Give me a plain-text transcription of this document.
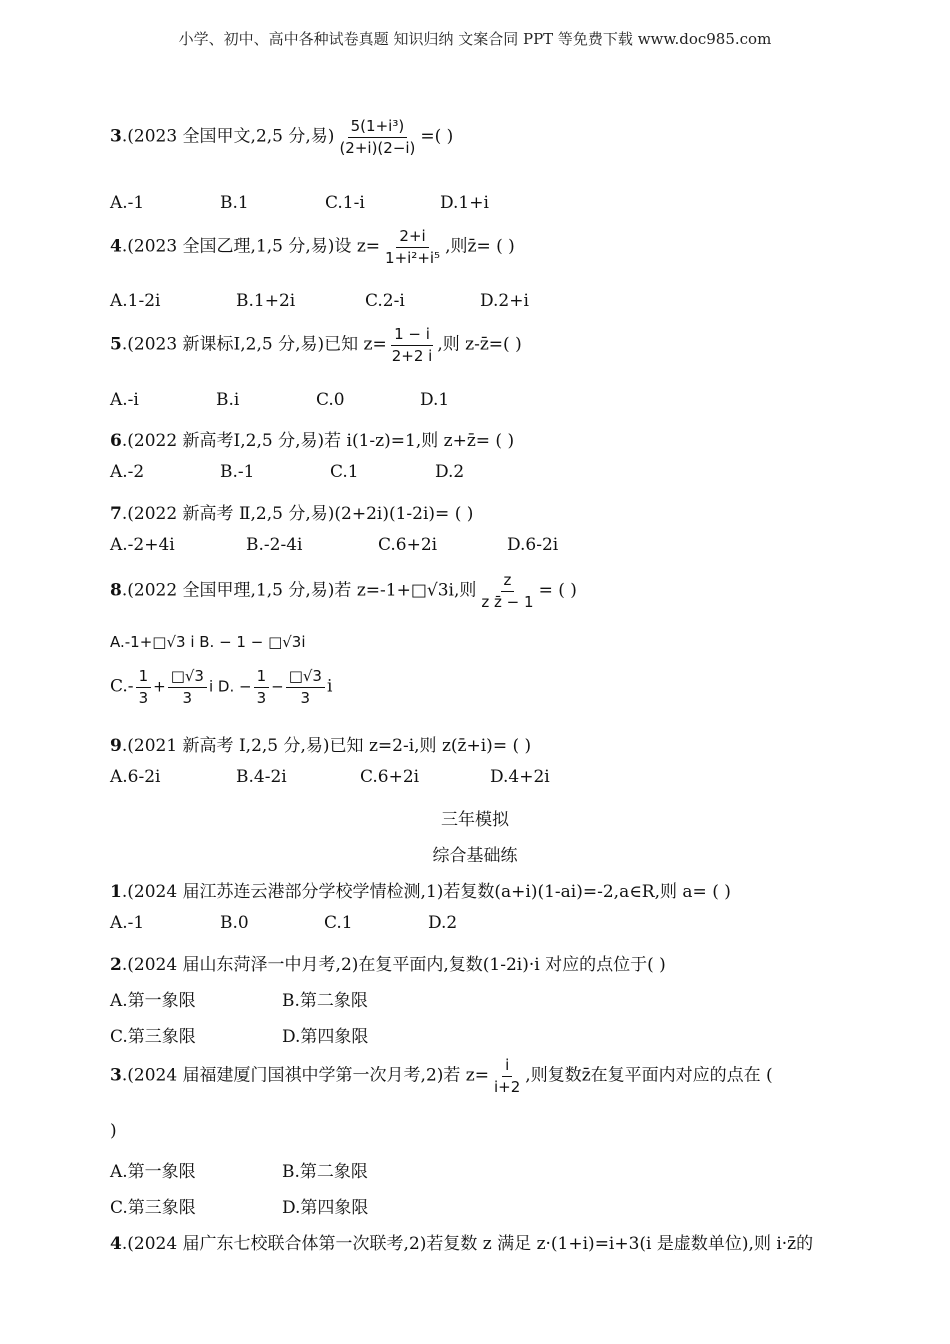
小学、初中、高中各种试卷真题 知识归纳 文案合同 PPT 等免费下载 www.doc985.com
3.(2023 全国甲文,2,5 分,易) $\frac{\text{5(1+i³)}}{(2+i)(2-i)}$ =( )
A.-1	B.1	C.1-i	D.1+i
4.(2023 全国乙理,1,5 分,易)设 $z= \frac{2+i}{\text{1+i²+i⁵}}$ ,则z̄= ( )
A.1-2i	B.1+2i	C.2-i	D.2+i
5.(2023 新课标Ⅰ,2,5 分,易)已知 $z= \frac{1 - i}{2+2 i}$ ,则 z-z̄=( )
A.-i	B.i	C.0	D.1
6.(2022 新高考Ⅰ,2,5 分,易)若 i(1-z)=1,则 z+z̄= ( )
A.-2	B.-1	C.1	D.2
7.(2022 新高考 Ⅱ,2,5 分,易)(2+2i)(1-2i)= ( )
A.-2+4i	B.-2-4i	C.6+2i	D.6-2i
8.(2022 全国甲理,1,5 分,易)若 z=-1+□√3i,则 $\frac{z}{\text{z z̄ − 1}}$ = ( )
A.-1+□√3 i B. − 1 − □√3i
$C.- \frac{1}{3} + \frac{□√3}{3}$ i D. − $\frac{1}{3} - \frac{□√3}{3}$ i
9.(2021 新高考 Ⅰ,2,5 分,易)已知 z=2-i,则 z(z̄+i)= ( )
A.6-2i	B.4-2i	C.6+2i	D.4+2i
三年模拟
综合基础练
1.(2024 届江苏连云港部分学校学情检测,1)若复数(a+i)(1-ai)=-2,a∈R,则 a= ( )
A.-1	B.0	C.1	D.2
2.(2024 届山东菏泽一中月考,2)在复平面内,复数(1-2i)·i 对应的点位于( )
A.第一象限	B.第二象限
C.第三象限	D.第四象限
3.(2024 届福建厦门国祺中学第一次月考,2)若 $z= \frac{i}{i+2}$ ,则复数z̄在复平面内对应的点在 (
)
A.第一象限	B.第二象限
C.第三象限	D.第四象限
4.(2024 届广东七校联合体第一次联考,2)若复数 z 满足 z·(1+i)=i+3(i 是虚数单位),则 i·z̄的
